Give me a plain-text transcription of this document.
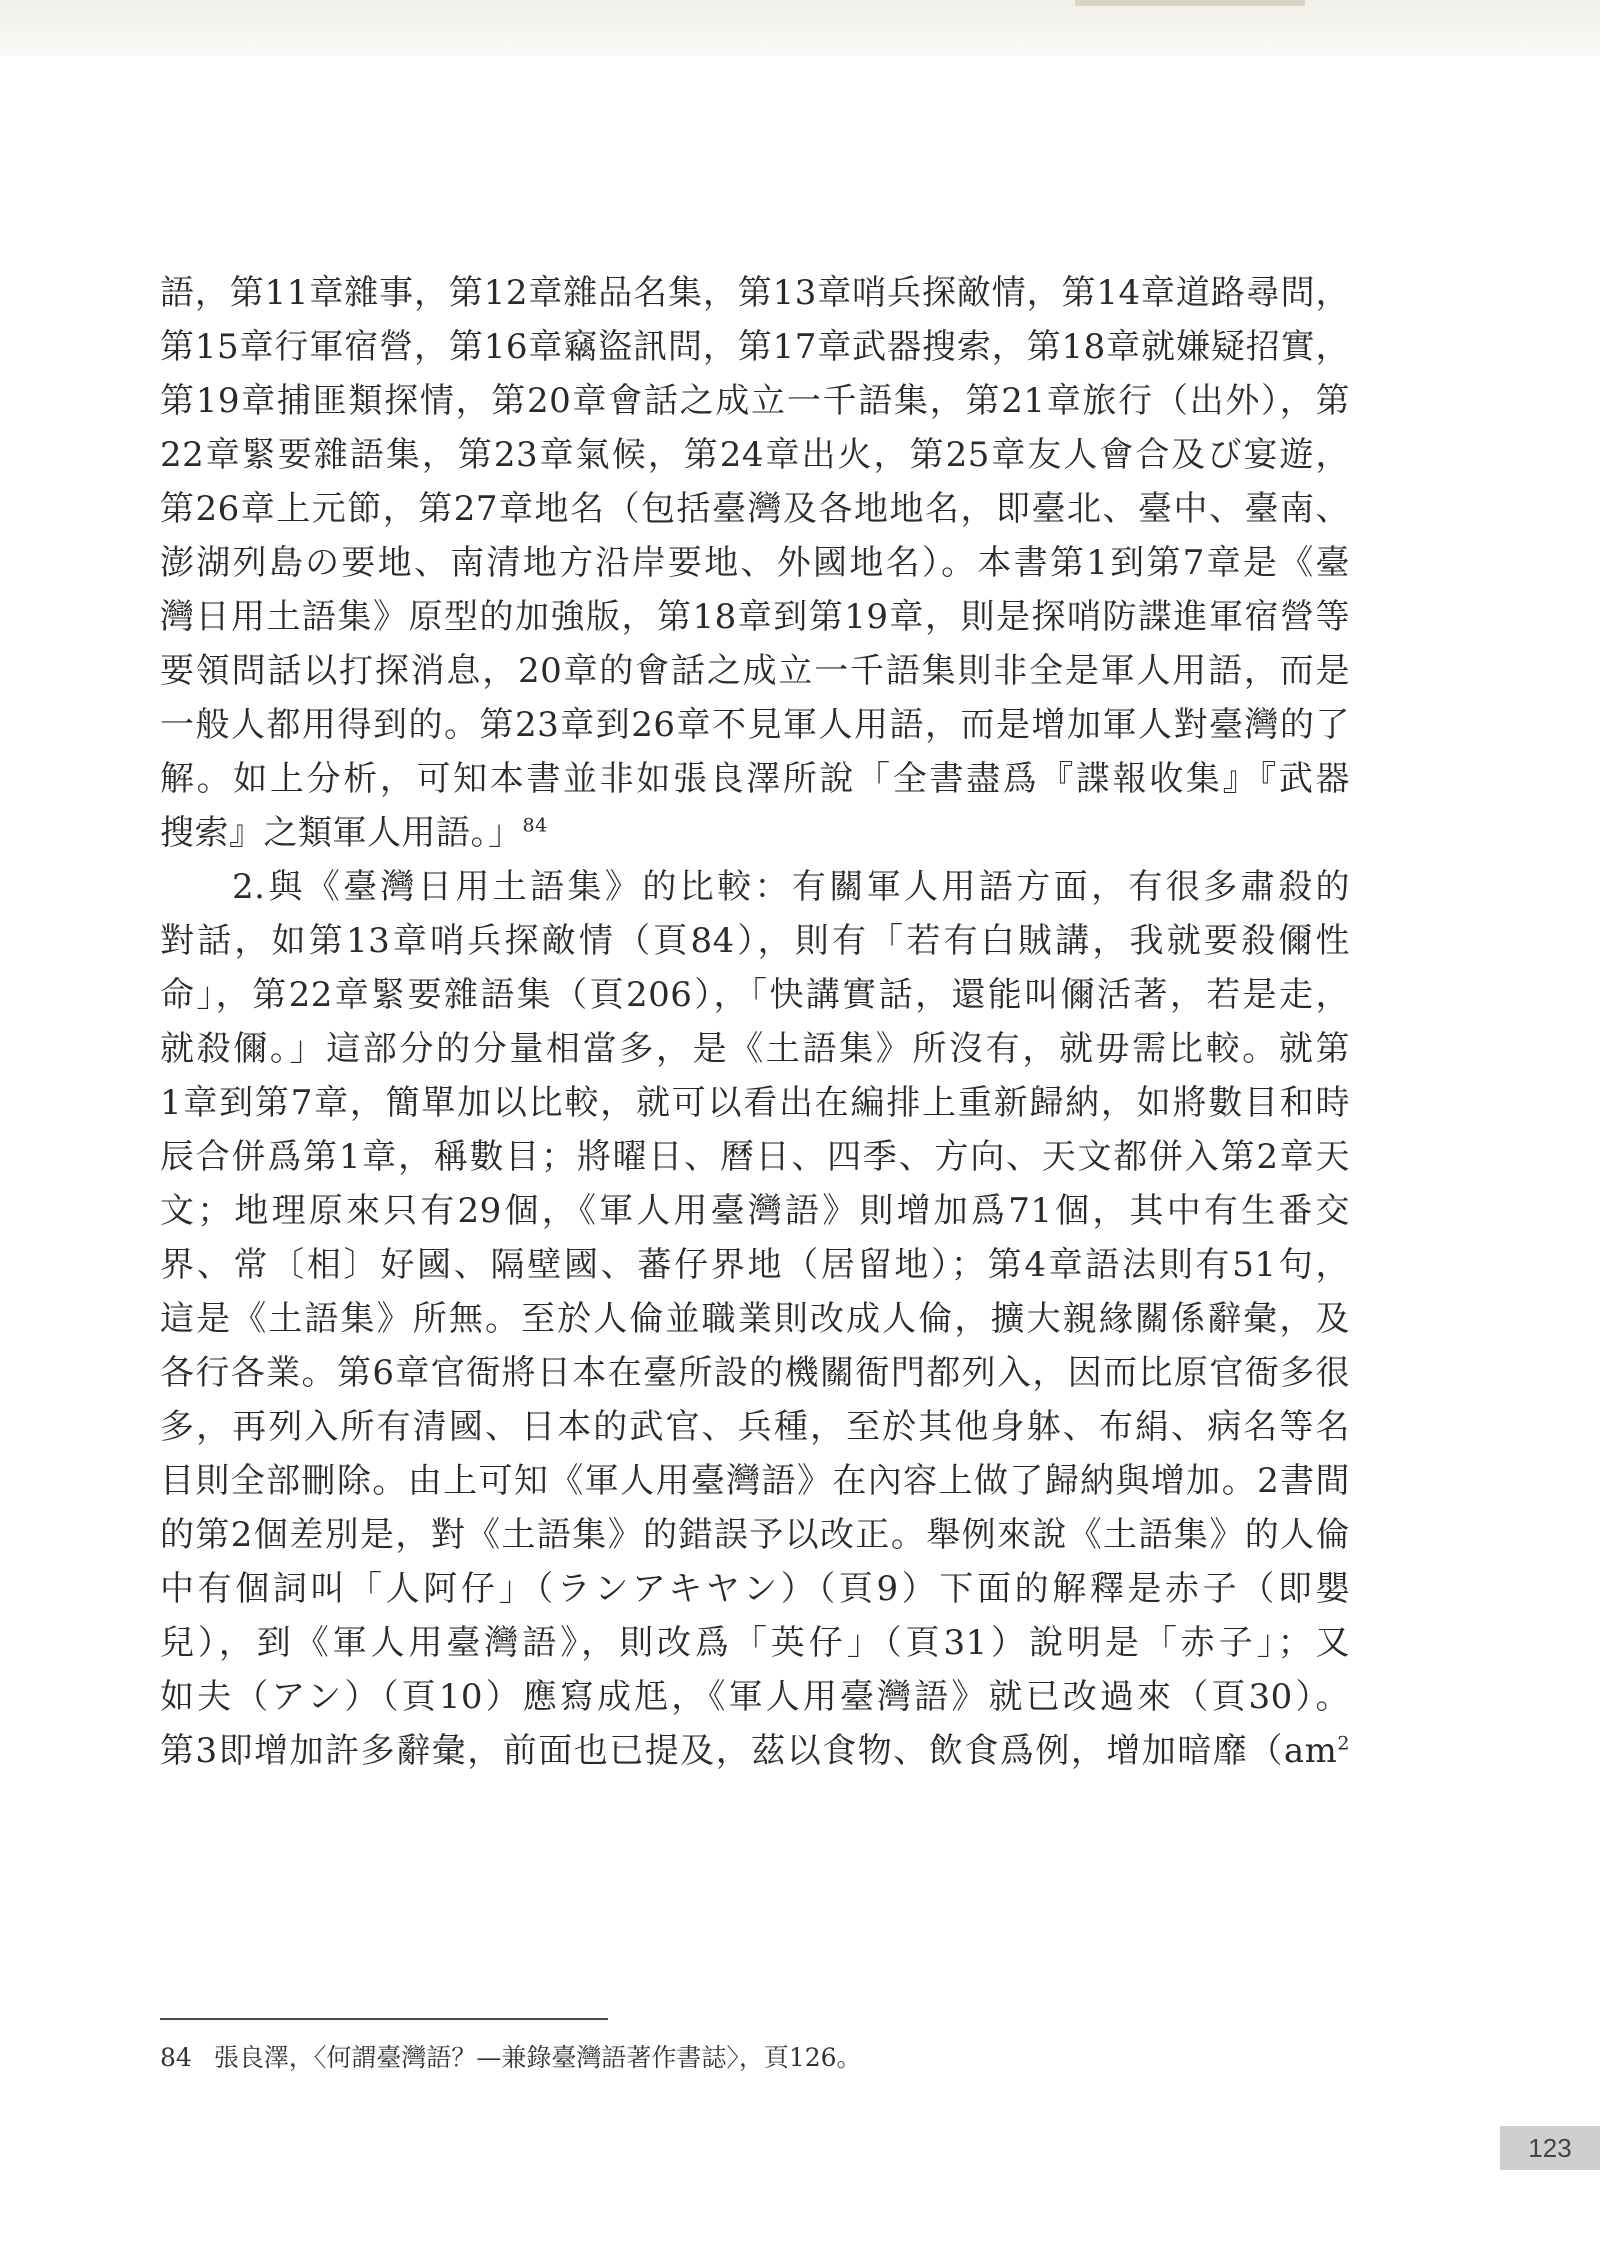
語，第11章雜事，第12章雜品名集，第13章哨兵探敵情，第14章道路尋問，
第15章行軍宿營，第16章竊盜訊問，第17章武器搜索，第18章就嫌疑招實，
第19章捕匪類探情，第20章會話之成立一千語集，第21章旅行（出外），第
22章緊要雜語集，第23章氣候，第24章出火，第25章友人會合及び宴遊，
第26章上元節，第27章地名（包括臺灣及各地地名，即臺北、臺中、臺南、
澎湖列島の要地、南清地方沿岸要地、外國地名）。本書第1到第7章是《臺
灣日用土語集》原型的加強版，第18章到第19章，則是探哨防諜進軍宿營等
要領問話以打探消息，20章的會話之成立一千語集則非全是軍人用語，而是
一般人都用得到的。第23章到26章不見軍人用語，而是增加軍人對臺灣的了
解。如上分析，可知本書並非如張良澤所說「全書盡爲『諜報收集』『武器
搜索』之類軍人用語。」$^{84}$
2.與《臺灣日用土語集》的比較：有關軍人用語方面，有很多肅殺的
對話，如第13章哨兵探敵情（頁84），則有「若有白賊講，我就要殺儞性
命」，第22章緊要雜語集（頁206），「快講實話，還能叫儞活著，若是走，
就殺儞。」這部分的分量相當多，是《土語集》所沒有，就毋需比較。就第
1章到第7章，簡單加以比較，就可以看出在編排上重新歸納，如將數目和時
辰合併爲第1章，稱數目；將曜日、曆日、四季、方向、天文都併入第2章天
文；地理原來只有29個，《軍人用臺灣語》則增加爲71個，其中有生番交
界、常〔相〕好國、隔壁國、蕃仔界地（居留地）；第4章語法則有51句，
這是《土語集》所無。至於人倫並職業則改成人倫，擴大親緣關係辭彙，及
各行各業。第6章官衙將日本在臺所設的機關衙門都列入，因而比原官衙多很
多，再列入所有清國、日本的武官、兵種，至於其他身躰、布絹、病名等名
目則全部刪除。由上可知《軍人用臺灣語》在內容上做了歸納與增加。2書間
的第2個差別是，對《土語集》的錯誤予以改正。舉例來說《土語集》的人倫
中有個詞叫「人阿仔」（ランアキヤン）（頁9）下面的解釋是赤子（即嬰
兒），到《軍人用臺灣語》，則改爲「英仔」（頁31）說明是「赤子」；又
如夫（アン）（頁10）應寫成尪，《軍人用臺灣語》就已改過來（頁30）。
第3即增加許多辭彙，前面也已提及，茲以食物、飲食爲例，增加暗靡（$am^2$
84 張良澤，〈何謂臺灣語？—兼錄臺灣語著作書誌〉，頁126。
123
